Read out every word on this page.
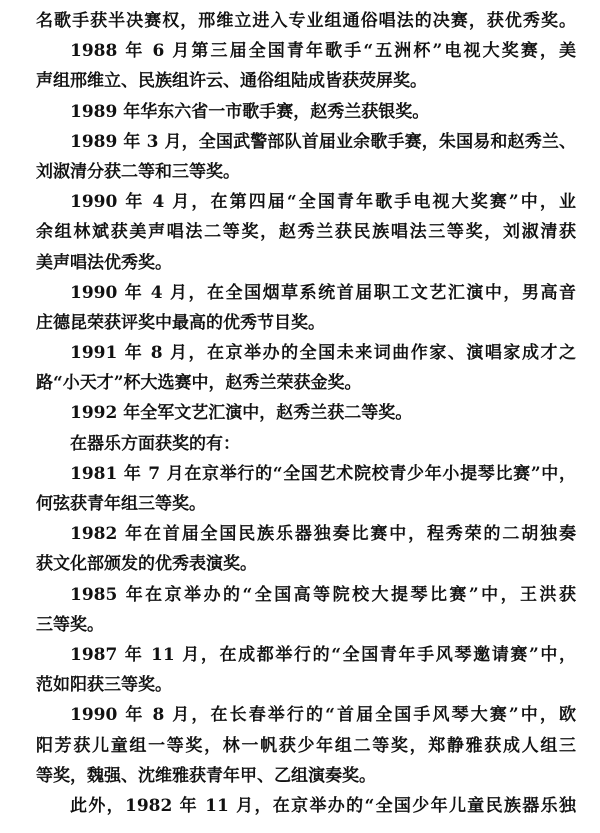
名歌手获半决赛权，邢维立进入专业组通俗唱法的决赛，获优秀奖。
1988 年 6 月第三届全国青年歌手“五洲杯”电视大奖赛，美
声组邢维立、民族组许云、通俗组陆成皆获荧屏奖。
1989 年华东六省一市歌手赛，赵秀兰获银奖。
1989 年 3 月，全国武警部队首届业余歌手赛，朱国易和赵秀兰、
刘淑清分获二等和三等奖。
1990 年 4 月，在第四届“全国青年歌手电视大奖赛”中，业
余组林斌获美声唱法二等奖，赵秀兰获民族唱法三等奖，刘淑清获
美声唱法优秀奖。
1990 年 4 月，在全国烟草系统首届职工文艺汇演中，男高音
庄德昆荣获评奖中最高的优秀节目奖。
1991 年 8 月，在京举办的全国未来词曲作家、演唱家成才之
路“小天才”杯大选赛中，赵秀兰荣获金奖。
1992 年全军文艺汇演中，赵秀兰获二等奖。
在器乐方面获奖的有：
1981 年 7 月在京举行的“全国艺术院校青少年小提琴比赛”中，
何弦获青年组三等奖。
1982 年在首届全国民族乐器独奏比赛中，程秀荣的二胡独奏
获文化部颁发的优秀表演奖。
1985 年在京举办的“全国高等院校大提琴比赛”中，王洪获
三等奖。
1987 年 11 月，在成都举行的“全国青年手风琴邀请赛”中，
范如阳获三等奖。
1990 年 8 月，在长春举行的“首届全国手风琴大赛”中，欧
阳芳获儿童组一等奖，林一帆获少年组二等奖，郑静雅获成人组三
等奖，魏强、沈维雅获青年甲、乙组演奏奖。
此外，1982 年 11 月，在京举办的“全国少年儿童民族器乐独
